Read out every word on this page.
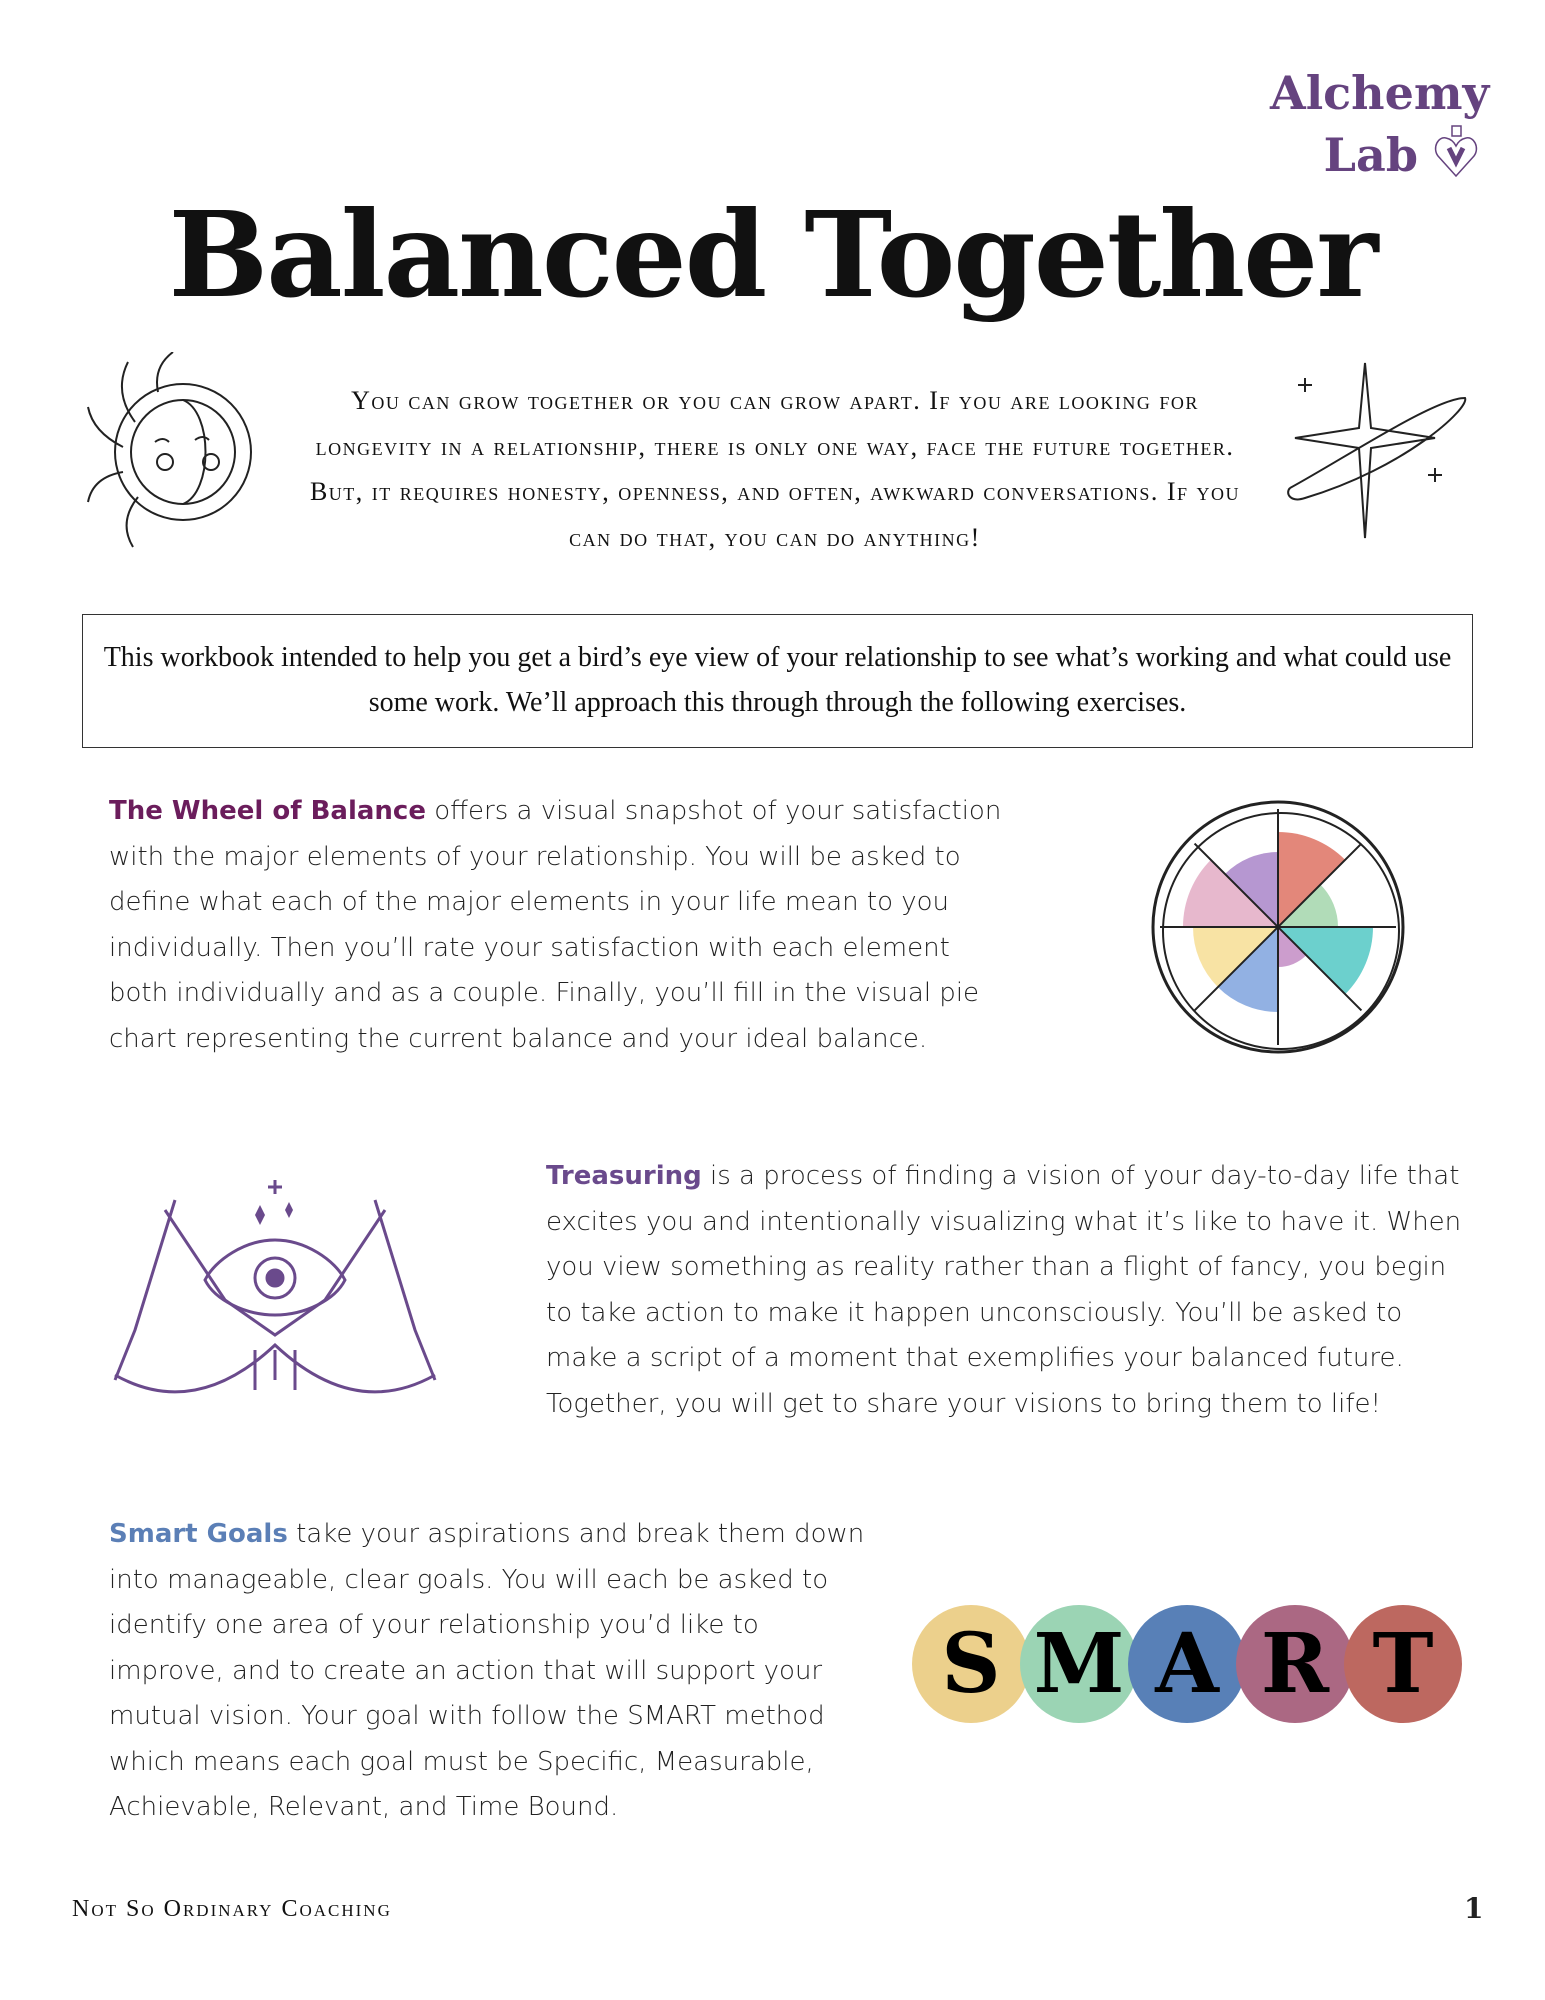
Alchemy
Lab
Balanced Together
You can grow together or you can grow apart. If you are looking for longevity in a relationship, there is only one way, face the future together. But, it requires honesty, openness, and often, awkward conversations. If you can do that, you can do anything!
This workbook intended to help you get a bird’s eye view of your relationship to see what’s working and what could use some work. We’ll approach this through through the following exercises.
The Wheel of Balance offers a visual snapshot of your satisfaction with the major elements of your relationship. You will be asked to define what each of the major elements in your life mean to you individually. Then you’ll rate your satisfaction with each element both individually and as a couple. Finally, you’ll fill in the visual pie chart representing the current balance and your ideal balance.
Treasuring is a process of finding a vision of your day-to-day life that excites you and intentionally visualizing what it’s like to have it. When you view something as reality rather than a flight of fancy, you begin to take action to make it happen unconsciously. You’ll be asked to make a script of a moment that exemplifies your balanced future. Together, you will get to share your visions to bring them to life!
Smart Goals take your aspirations and break them down into manageable, clear goals. You will each be asked to identify one area of your relationship you’d like to improve, and to create an action that will support your mutual vision. Your goal with follow the SMART method which means each goal must be Specific, Measurable, Achievable, Relevant, and Time Bound.
S M A R T
Not So Ordinary Coaching	1
